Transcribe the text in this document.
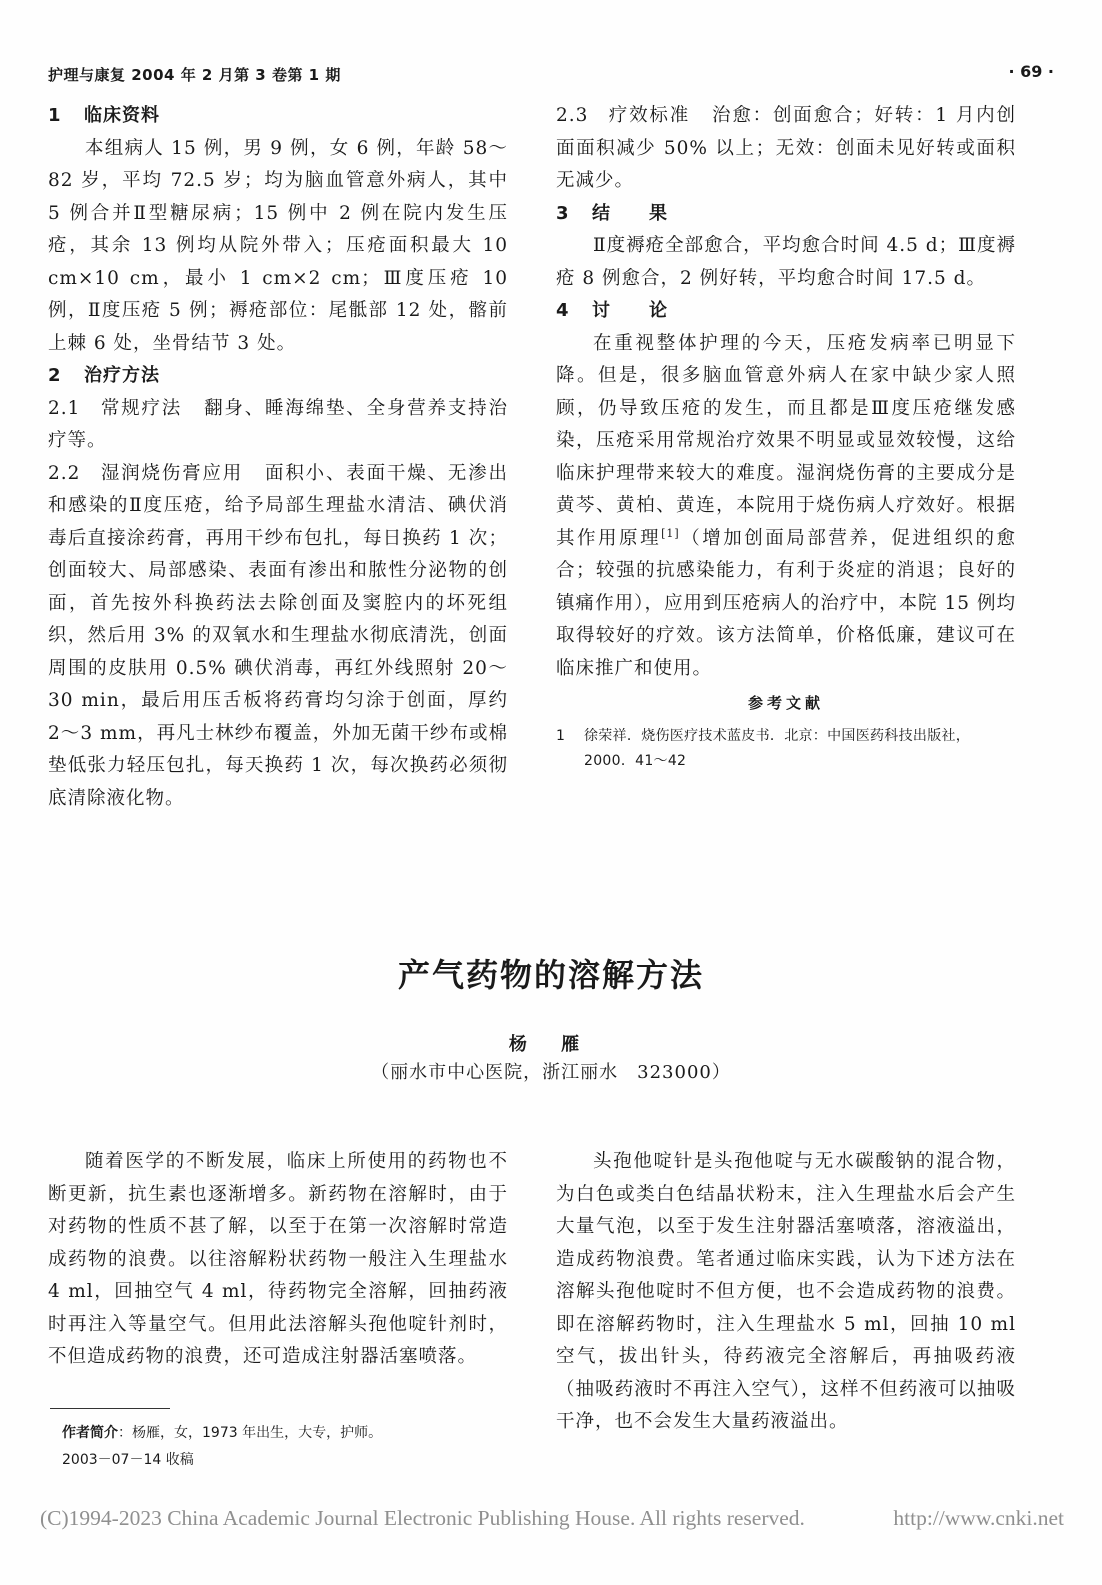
护理与康复 2004 年 2 月第 3 卷第 1 期	· 69 ·

1 临床资料

本组病人 15 例，男 9 例，女 6 例，年龄 58～82 岁，平均 72.5 岁；均为脑血管意外病人，其中 5 例合并Ⅱ型糖尿病；15 例中 2 例在院内发生压疮，其余 13 例均从院外带入；压疮面积最大 10 cm×10 cm，最小 1 cm×2 cm；Ⅲ度压疮 10 例，Ⅱ度压疮 5 例；褥疮部位：尾骶部 12 处，髂前上棘 6 处，坐骨结节 3 处。

2 治疗方法

2.1 常规疗法 翻身、睡海绵垫、全身营养支持治疗等。

2.2 湿润烧伤膏应用 面积小、表面干燥、无渗出和感染的Ⅱ度压疮，给予局部生理盐水清洁、碘伏消毒后直接涂药膏，再用干纱布包扎，每日换药 1 次；创面较大、局部感染、表面有渗出和脓性分泌物的创面，首先按外科换药法去除创面及窦腔内的坏死组织，然后用 3% 的双氧水和生理盐水彻底清洗，创面周围的皮肤用 0.5% 碘伏消毒，再红外线照射 20～30 min，最后用压舌板将药膏均匀涂于创面，厚约 2～3 mm，再凡士林纱布覆盖，外加无菌干纱布或棉垫低张力轻压包扎，每天换药 1 次，每次换药必须彻底清除液化物。

2.3 疗效标准 治愈：创面愈合；好转：1 月内创面面积减少 50% 以上；无效：创面未见好转或面积无减少。

3 结　　果

Ⅱ度褥疮全部愈合，平均愈合时间 4.5 d；Ⅲ度褥疮 8 例愈合，2 例好转，平均愈合时间 17.5 d。

4 讨　　论

在重视整体护理的今天，压疮发病率已明显下降。但是，很多脑血管意外病人在家中缺少家人照顾，仍导致压疮的发生，而且都是Ⅲ度压疮继发感染，压疮采用常规治疗效果不明显或显效较慢，这给临床护理带来较大的难度。湿润烧伤膏的主要成分是黄芩、黄柏、黄连，本院用于烧伤病人疗效好。根据其作用原理[1]（增加创面局部营养，促进组织的愈合；较强的抗感染能力，有利于炎症的消退；良好的镇痛作用），应用到压疮病人的治疗中，本院 15 例均取得较好的疗效。该方法简单，价格低廉，建议可在临床推广和使用。

参考文献
1 徐荣祥．烧伤医疗技术蓝皮书．北京：中国医药科技出版社，2000．41～42
产气药物的溶解方法
杨 雁
（丽水市中心医院，浙江丽水　323000）

随着医学的不断发展，临床上所使用的药物也不断更新，抗生素也逐渐增多。新药物在溶解时，由于对药物的性质不甚了解，以至于在第一次溶解时常造成药物的浪费。以往溶解粉状药物一般注入生理盐水 4 ml，回抽空气 4 ml，待药物完全溶解，回抽药液时再注入等量空气。但用此法溶解头孢他啶针剂时，不但造成药物的浪费，还可造成注射器活塞喷落。

头孢他啶针是头孢他啶与无水碳酸钠的混合物，为白色或类白色结晶状粉末，注入生理盐水后会产生大量气泡，以至于发生注射器活塞喷落，溶液溢出，造成药物浪费。笔者通过临床实践，认为下述方法在溶解头孢他啶时不但方便，也不会造成药物的浪费。即在溶解药物时，注入生理盐水 5 ml，回抽 10 ml 空气，拔出针头，待药液完全溶解后，再抽吸药液（抽吸药液时不再注入空气），这样不但药液可以抽吸干净，也不会发生大量药液溢出。

作者简介：杨雁，女，1973 年出生，大专，护师。
2003－07－14 收稿
(C)1994-2023 China Academic Journal Electronic Publishing House. All rights reserved.	http://www.cnki.net
